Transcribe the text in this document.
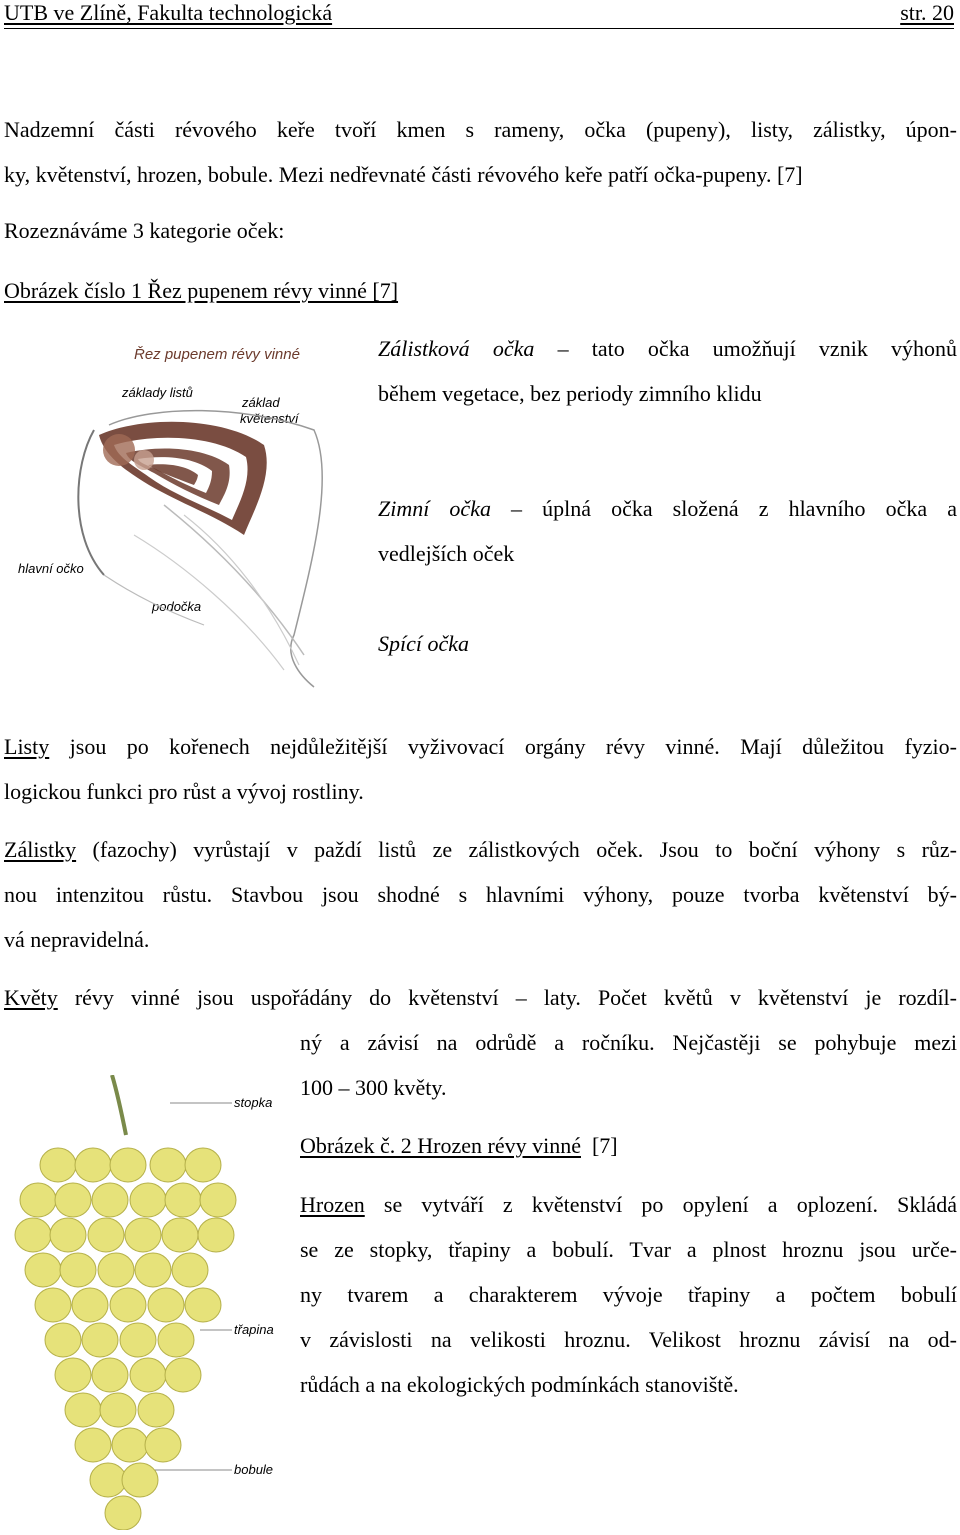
UTB ve Zlíně, Fakulta technologická	str. 20
Nadzemní části révového keře tvoří kmen s rameny, očka (pupeny), listy, zálistky, úpon-
ky, květenství, hrozen, bobule. Mezi nedřevnaté části révového keře patří očka-pupeny. [7]
Rozeznáváme 3 kategorie oček:
Obrázek číslo 1 Řez pupenem révy vinné [7]
Řez pupenem révy vinné
základy listů
základ
květenství
hlavní očko
podočka
Zálistková očka – tato očka umožňují vznik výhonů
během vegetace, bez periody zimního klidu
Zimní očka – úplná očka složená z hlavního očka a
vedlejších oček
Spící očka
Listy jsou po kořenech nejdůležitější vyživovací orgány révy vinné. Mají důležitou fyzio-
logickou funkci pro růst a vývoj rostliny.
Zálistky (fazochy) vyrůstají v paždí listů ze zálistkových oček. Jsou to boční výhony s růz-
nou intenzitou růstu. Stavbou jsou shodné s hlavními výhony, pouze tvorba květenství bý-
vá nepravidelná.
Květy révy vinné jsou uspořádány do květenství – laty. Počet květů v květenství je rozdíl-
ný a závisí na odrůdě a ročníku. Nejčastěji se pohybuje mezi
100 – 300 květy.
Obrázek č. 2 Hrozen révy vinné [7]
Hrozen se vytváří z květenství po opylení a oplození. Skládá
se ze stopky, třapiny a bobulí. Tvar a plnost hroznu jsou urče-
ny tvarem a charakterem vývoje třapiny a počtem bobulí
v závislosti na velikosti hroznu. Velikost hroznu závisí na od-
růdách a na ekologických podmínkách stanoviště.
stopka
třapina
bobule
